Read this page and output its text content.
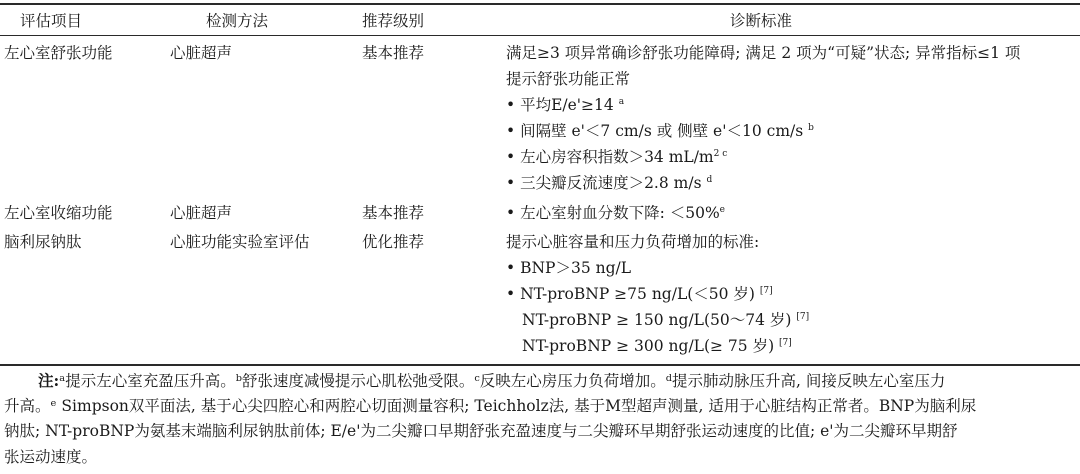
评估项目	检测方法	推荐级别	诊断标准
左心室舒张功能	心脏超声	基本推荐	满足≥3 项异常确诊舒张功能障碍; 满足 2 项为“可疑”状态; 异常指标≤1 项
提示舒张功能正常
• 平均E/e'≥14 $^a$
• 间隔壁 e'＜7 cm/s 或 侧壁 e'＜10 cm/s $^b$
• 左心房容积指数＞34 $mL/m^{2 c}$
• 三尖瓣反流速度＞2.8 m/s $^d$
左心室收缩功能	心脏超声	基本推荐	• 左心室射血分数下降: ＜50%$^e$
脑利尿钠肽	心脏功能实验室评估	优化推荐	提示心脏容量和压力负荷增加的标准:
• BNP＞35 ng/L
• NT-proBNP ≥75 ng/L(＜50 岁) [7]
NT-proBNP ≥ 150 ng/L(50～74 岁) [7]
NT-proBNP ≥ 300 ng/L(≥ 75 岁) [7]
注:ᵃ提示左心室充盈压升高。ᵇ舒张速度减慢提示心肌松弛受限。ᶜ反映左心房压力负荷增加。ᵈ提示肺动脉压升高, 间接反映左心室压力
升高。ᵉ Simpson双平面法, 基于心尖四腔心和两腔心切面测量容积; Teichholz法, 基于M型超声测量, 适用于心脏结构正常者。BNP为脑利尿
钠肽; NT-proBNP为氨基末端脑利尿钠肽前体; E/e'为二尖瓣口早期舒张充盈速度与二尖瓣环早期舒张运动速度的比值; e'为二尖瓣环早期舒
张运动速度。
